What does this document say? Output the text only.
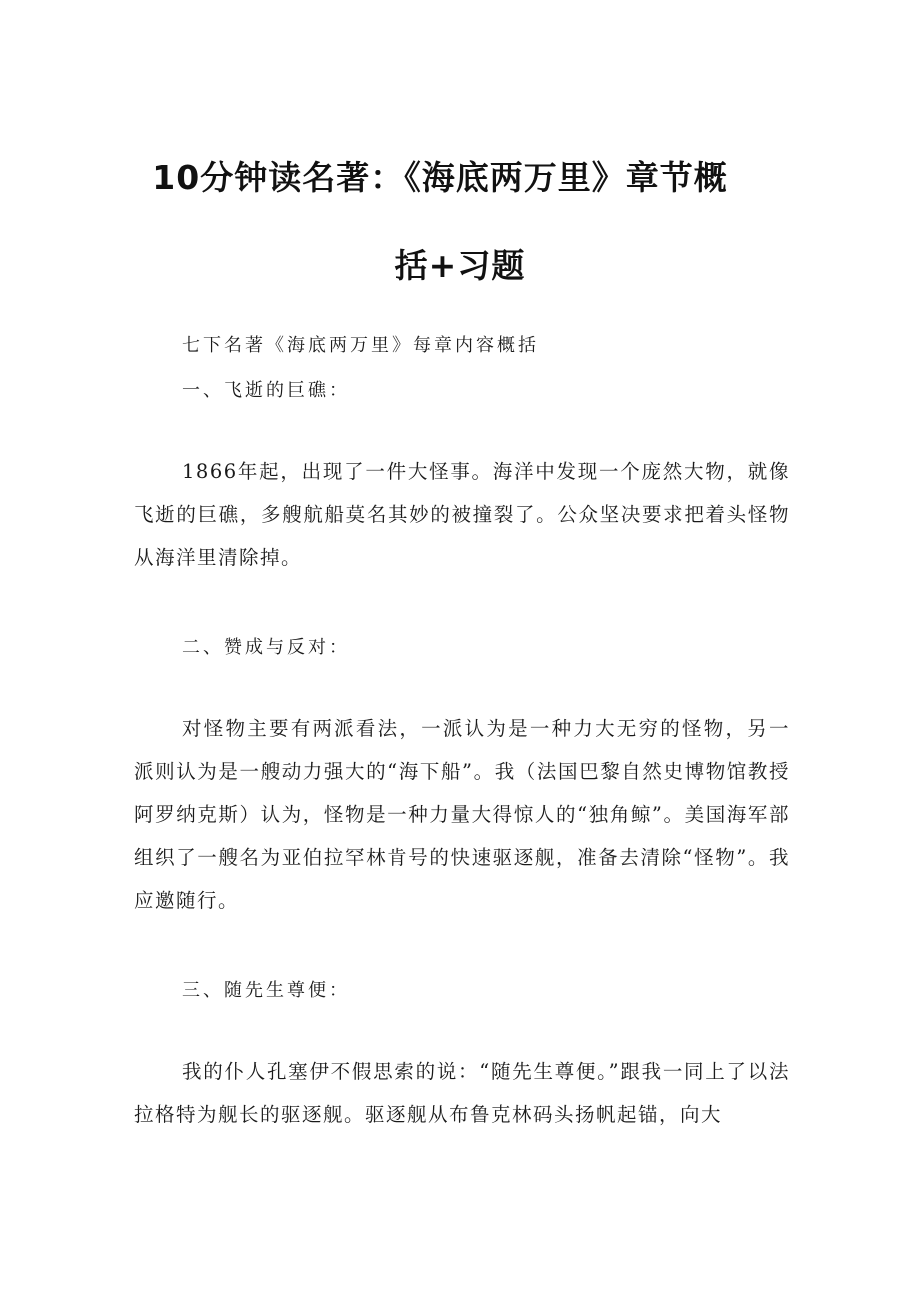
10分钟读名著：《海底两万里》章节概
括+习题
七下名著《海底两万里》每章内容概括
一、飞逝的巨礁：

1866年起，出现了一件大怪事。海洋中发现一个庞然大物，就像飞逝的巨礁，多艘航船莫名其妙的被撞裂了。公众坚决要求把着头怪物从海洋里清除掉。

二、赞成与反对：

对怪物主要有两派看法，一派认为是一种力大无穷的怪物，另一派则认为是一艘动力强大的“海下船”。我（法国巴黎自然史博物馆教授阿罗纳克斯）认为，怪物是一种力量大得惊人的“独角鲸”。美国海军部组织了一艘名为亚伯拉罕林肯号的快速驱逐舰，准备去清除“怪物”。我应邀随行。

三、随先生尊便：

我的仆人孔塞伊不假思索的说：“随先生尊便。”跟我一同上了以法拉格特为舰长的驱逐舰。驱逐舰从布鲁克林码头扬帆起锚，向大
